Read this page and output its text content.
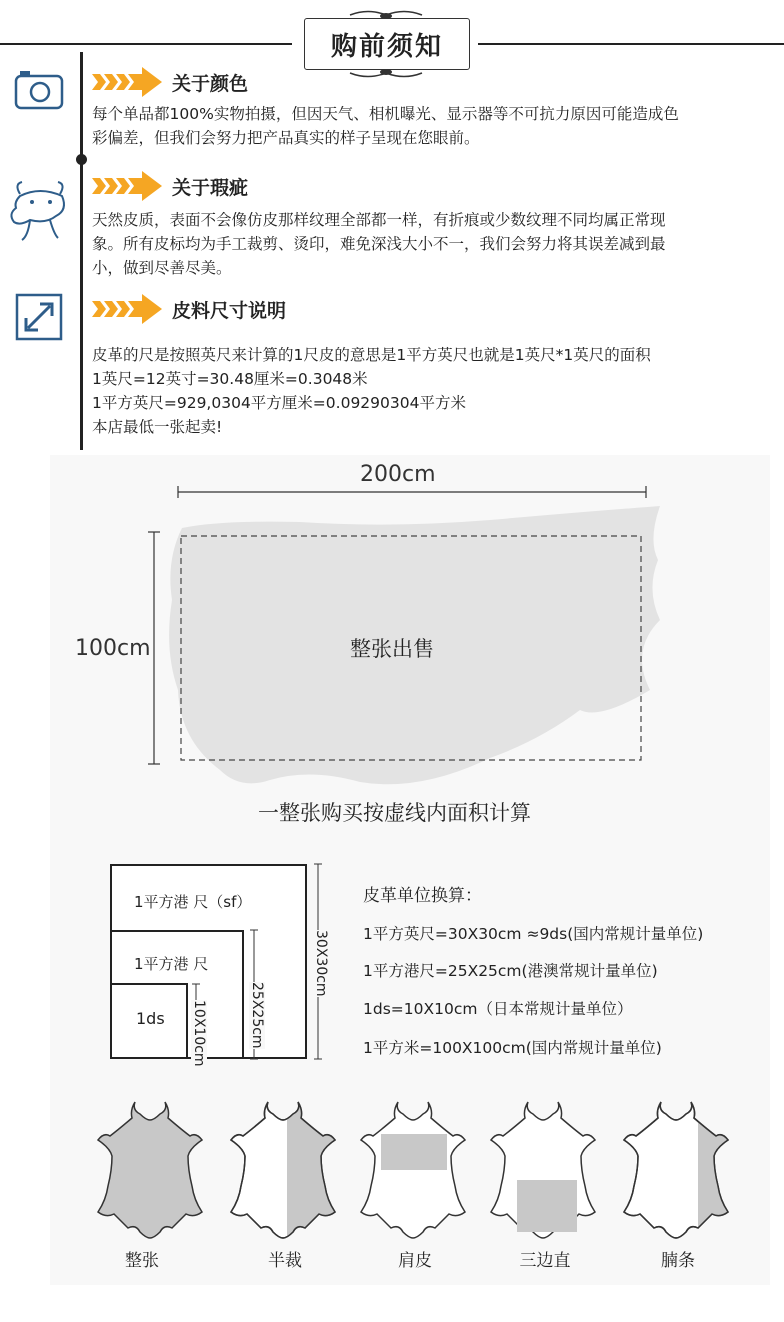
购前须知
关于颜色
每个单品都100%实物拍摄，但因天气、相机曝光、显示器等不可抗力原因可能造成色
彩偏差，但我们会努力把产品真实的样子呈现在您眼前。
关于瑕疵
天然皮质，表面不会像仿皮那样纹理全部都一样，有折痕或少数纹理不同均属正常现
象。所有皮标均为手工裁剪、烫印，难免深浅大小不一，我们会努力将其误差减到最
小，做到尽善尽美。
皮料尺寸说明
皮革的尺是按照英尺来计算的1尺皮的意思是1平方英尺也就是1英尺*1英尺的面积
1英尺=12英寸=30.48厘米=0.3048米
1平方英尺=929,0304平方厘米=0.09290304平方米
本店最低一张起卖!
200cm
100cm	整张出售
一整张购买按虚线内面积计算
1平方港 尺（sf）
1平方港 尺
1ds 10X10cm	25X25cm
30X30cm
皮革单位换算：
1平方英尺=30X30cm ≈9ds(国内常规计量单位)
1平方港尺=25X25cm(港澳常规计量单位)
1ds=10X10cm（日本常规计量单位）
1平方米=100X100cm(国内常规计量单位)
整张	半裁	肩皮	三边直	腩条
